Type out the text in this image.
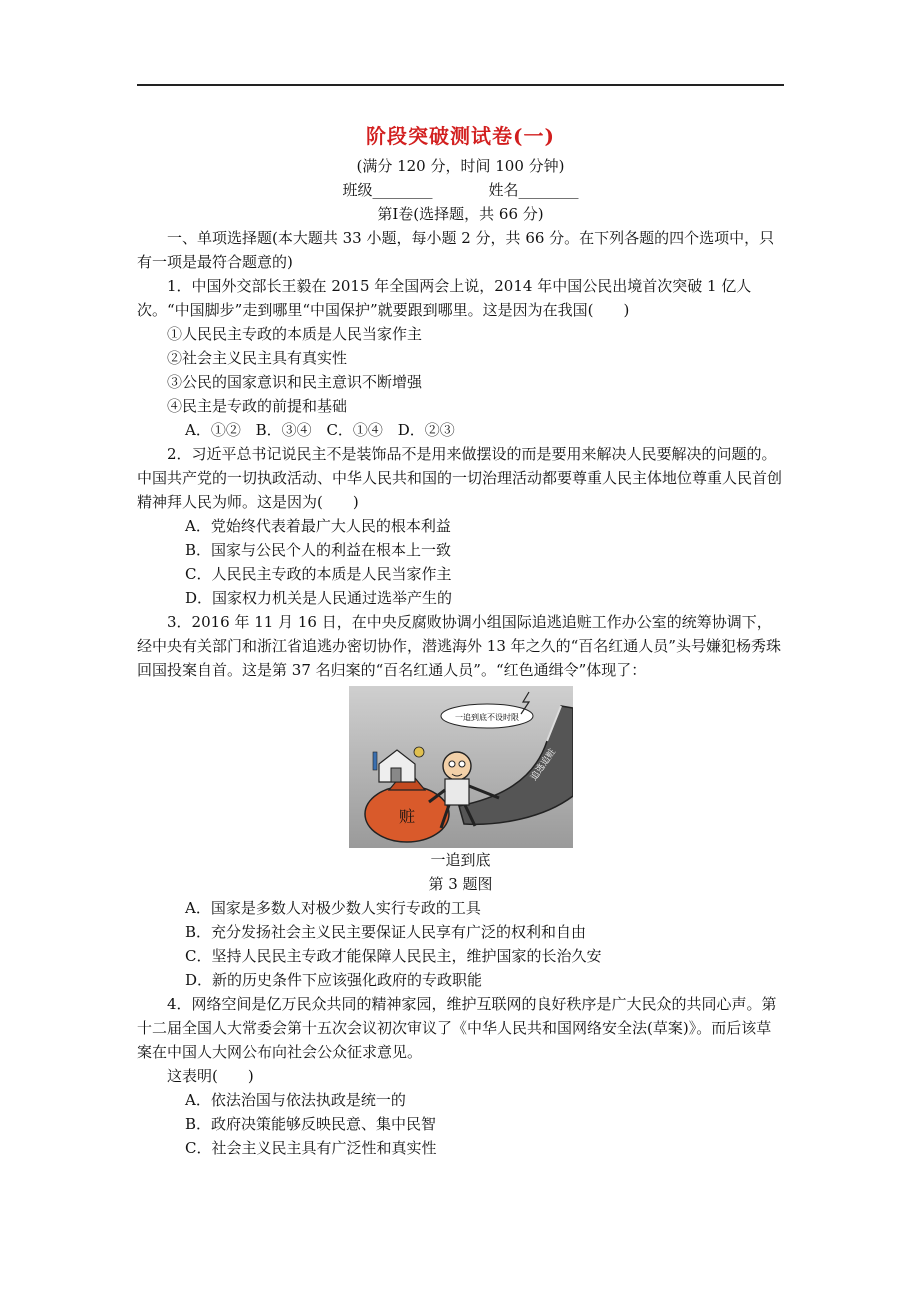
阶段突破测试卷(一)
(满分 120 分，时间 100 分钟)
班级________	姓名________
第Ⅰ卷(选择题，共 66 分)
一、单项选择题(本大题共 33 小题，每小题 2 分，共 66 分。在下列各题的四个选项中，只有一项是最符合题意的)
1．中国外交部长王毅在 2015 年全国两会上说，2014 年中国公民出境首次突破 1 亿人次。“中国脚步”走到哪里“中国保护”就要跟到哪里。这是因为在我国(　　)
①人民民主专政的本质是人民当家作主
②社会主义民主具有真实性
③公民的国家意识和民主意识不断增强
④民主是专政的前提和基础
A．①② B．③④ C．①④ D．②③
2．习近平总书记说民主不是装饰品不是用来做摆设的而是要用来解决人民要解决的问题的。中国共产党的一切执政活动、中华人民共和国的一切治理活动都要尊重人民主体地位尊重人民首创精神拜人民为师。这是因为(　　)
A．党始终代表着最广大人民的根本利益
B．国家与公民个人的利益在根本上一致
C．人民民主专政的本质是人民当家作主
D．国家权力机关是人民通过选举产生的
3．2016 年 11 月 16 日，在中央反腐败协调小组国际追逃追赃工作办公室的统筹协调下，经中央有关部门和浙江省追逃办密切协作，潜逃海外 13 年之久的“百名红通人员”头号嫌犯杨秀珠回国投案自首。这是第 37 名归案的“百名红通人员”。“红色通缉令”体现了：
追逃追赃
一追到底不设时限
赃
一追到底
第 3 题图
A．国家是多数人对极少数人实行专政的工具
B．充分发扬社会主义民主要保证人民享有广泛的权利和自由
C．坚持人民民主专政才能保障人民民主，维护国家的长治久安
D．新的历史条件下应该强化政府的专政职能
4．网络空间是亿万民众共同的精神家园，维护互联网的良好秩序是广大民众的共同心声。第十二届全国人大常委会第十五次会议初次审议了《中华人民共和国网络安全法(草案)》。而后该草案在中国人大网公布向社会公众征求意见。
这表明(　　)
A．依法治国与依法执政是统一的
B．政府决策能够反映民意、集中民智
C．社会主义民主具有广泛性和真实性
